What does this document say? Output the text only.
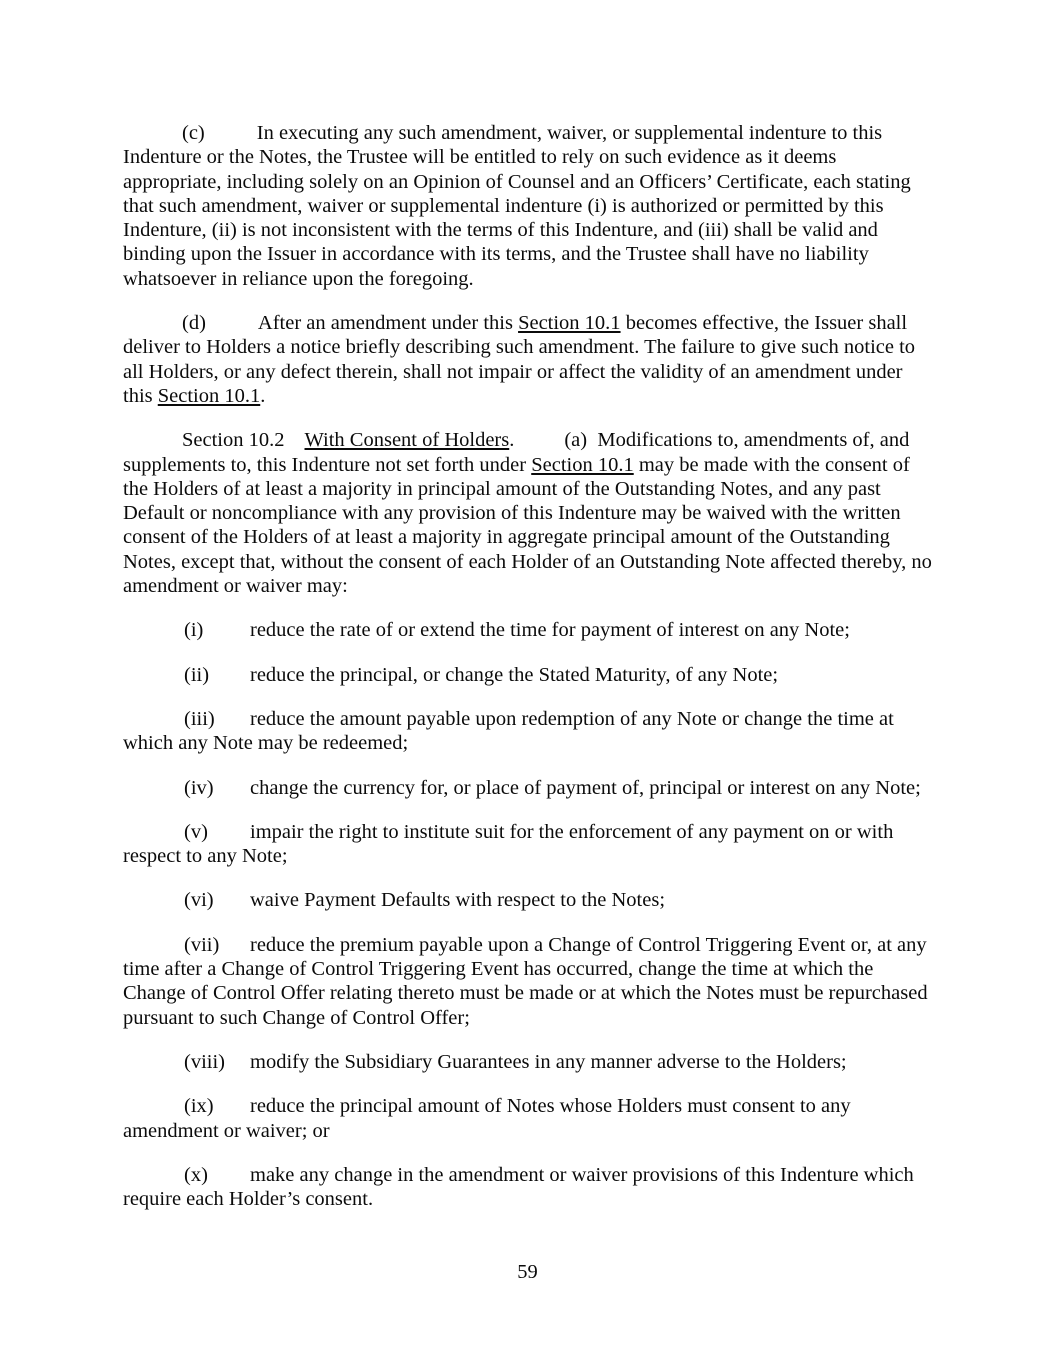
(c)	In executing any such amendment, waiver, or supplemental indenture to this Indenture or the Notes, the Trustee will be entitled to rely on such evidence as it deems appropriate, including solely on an Opinion of Counsel and an Officers’ Certificate, each stating that such amendment, waiver or supplemental indenture (i) is authorized or permitted by this Indenture, (ii) is not inconsistent with the terms of this Indenture, and (iii) shall be valid and binding upon the Issuer in accordance with its terms, and the Trustee shall have no liability whatsoever in reliance upon the foregoing.

(d)	After an amendment under this Section 10.1 becomes effective, the Issuer shall deliver to Holders a notice briefly describing such amendment. The failure to give such notice to all Holders, or any defect therein, shall not impair or affect the validity of an amendment under this Section 10.1.

Section 10.2 With Consent of Holders. (a)  Modifications to, amendments of, and supplements to, this Indenture not set forth under Section 10.1 may be made with the consent of the Holders of at least a majority in principal amount of the Outstanding Notes, and any past Default or noncompliance with any provision of this Indenture may be waived with the written consent of the Holders of at least a majority in aggregate principal amount of the Outstanding Notes, except that, without the consent of each Holder of an Outstanding Note affected thereby, no amendment or waiver may:

(i) reduce the rate of or extend the time for payment of interest on any Note;

(ii) reduce the principal, or change the Stated Maturity, of any Note;

(iii) reduce the amount payable upon redemption of any Note or change the time at which any Note may be redeemed;

(iv) change the currency for, or place of payment of, principal or interest on any Note;

(v) impair the right to institute suit for the enforcement of any payment on or with respect to any Note;

(vi) waive Payment Defaults with respect to the Notes;

(vii) reduce the premium payable upon a Change of Control Triggering Event or, at any time after a Change of Control Triggering Event has occurred, change the time at which the Change of Control Offer relating thereto must be made or at which the Notes must be repurchased pursuant to such Change of Control Offer;

(viii) modify the Subsidiary Guarantees in any manner adverse to the Holders;

(ix) reduce the principal amount of Notes whose Holders must consent to any amendment or waiver; or

(x) make any change in the amendment or waiver provisions of this Indenture which require each Holder’s consent.

59
